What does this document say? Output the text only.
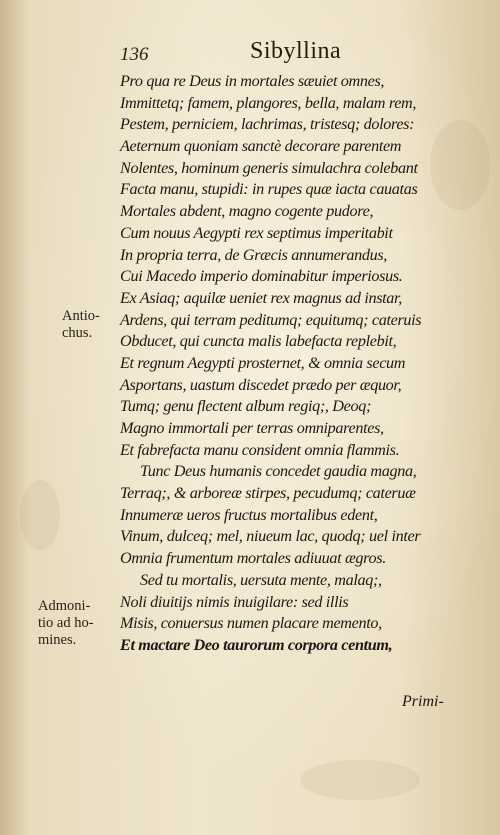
136	Sibyllina
Pro qua re Deus in mortales sæuiet omnes,
Immittetq; famem, plangores, bella, malam rem,
Pestem, perniciem, lachrimas, tristesq; dolores:
Aeternum quoniam sanctè decorare parentem
Nolentes, hominum generis simulachra colebant
Facta manu, stupidi: in rupes quæ iacta cauatas
Mortales abdent, magno cogente pudore,
Cum nouus Aegypti rex septimus imperitabit
In propria terra, de Græcis annumerandus,
Cui Macedo imperio dominabitur imperiosus.
Ex Asiaq; aquilæ ueniet rex magnus ad instar,
Ardens, qui terram peditumq; equitumq; cateruis
Obducet, qui cuncta malis labefacta replebit,
Et regnum Aegypti prosternet, & omnia secum
Asportans, uastum discedet prædo per æquor,
Tumq; genu flectent album regiq;, Deoq;
Magno immortali per terras omniparentes,
Et fabrefacta manu consident omnia flammis.
Tunc Deus humanis concedet gaudia magna,
Terraq;, & arboreæ stirpes, pecudumq; cateruæ
Innumeræ ueros fructus mortalibus edent,
Vinum, dulceq; mel, niueum lac, quodq; uel inter
Omnia frumentum mortales adiuuat ægros.
Sed tu mortalis, uersuta mente, malaq;,
Noli diuitijs nimis inuigilare: sed illis
Misis, conuersus numen placare memento,
Et mactare Deo taurorum corpora centum,
Antio-
chus.
Admoni-
tio ad ho-
mines.
Primi-
